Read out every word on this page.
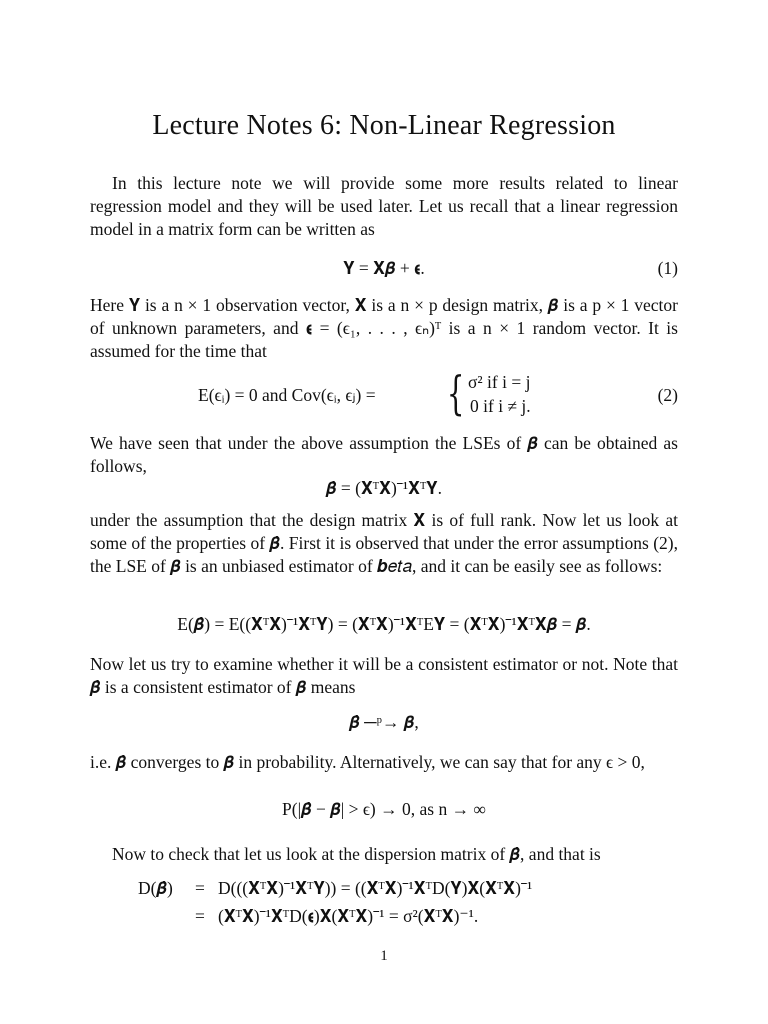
Lecture Notes 6: Non-Linear Regression
In this lecture note we will provide some more results related to linear regression model and they will be used later. Let us recall that a linear regression model in a matrix form can be written as
𝐘 = 𝐗𝜷 + 𝛜.	(1)
Here 𝐘 is a n × 1 observation vector, 𝐗 is a n × p design matrix, 𝜷 is a p × 1 vector of unknown parameters, and 𝛜 = (ϵ₁, . . . , ϵₙ)ᵀ is a n × 1 random vector. It is assumed for the time that
E(ϵᵢ) = 0 and Cov(ϵᵢ, ϵⱼ) = { σ² if i = j
0 if i ≠ j.
(2)
We have seen that under the above assumption the LSEs of 𝜷 can be obtained as follows,
𝜷̂ = (𝐗ᵀ𝐗)⁻¹𝐗ᵀ𝐘.
under the assumption that the design matrix 𝐗 is of full rank. Now let us look at some of the properties of 𝜷̂. First it is observed that under the error assumptions (2), the LSE of 𝜷 is an unbiased estimator of 𝒃𝑒𝑡𝑎, and it can be easily see as follows:
E(𝜷̂) = E((𝐗ᵀ𝐗)⁻¹𝐗ᵀ𝐘) = (𝐗ᵀ𝐗)⁻¹𝐗ᵀE𝐘 = (𝐗ᵀ𝐗)⁻¹𝐗ᵀ𝐗𝜷 = 𝜷.
Now let us try to examine whether it will be a consistent estimator or not. Note that 𝜷̂ is a consistent estimator of 𝜷 means
𝜷̂ ─ᵖ→ 𝜷,
i.e. 𝜷̂ converges to 𝜷 in probability. Alternatively, we can say that for any ϵ > 0,
P(|𝜷̂ − 𝜷| > ϵ) → 0, as n → ∞
Now to check that let us look at the dispersion matrix of 𝜷̂, and that is
D(𝜷̂) = D(((𝐗ᵀ𝐗)⁻¹𝐗ᵀ𝐘)) = ((𝐗ᵀ𝐗)⁻¹𝐗ᵀD(𝐘)𝐗(𝐗ᵀ𝐗)⁻¹
= (𝐗ᵀ𝐗)⁻¹𝐗ᵀD(𝛜)𝐗(𝐗ᵀ𝐗)⁻¹ = σ²(𝐗ᵀ𝐗)⁻¹.
1
